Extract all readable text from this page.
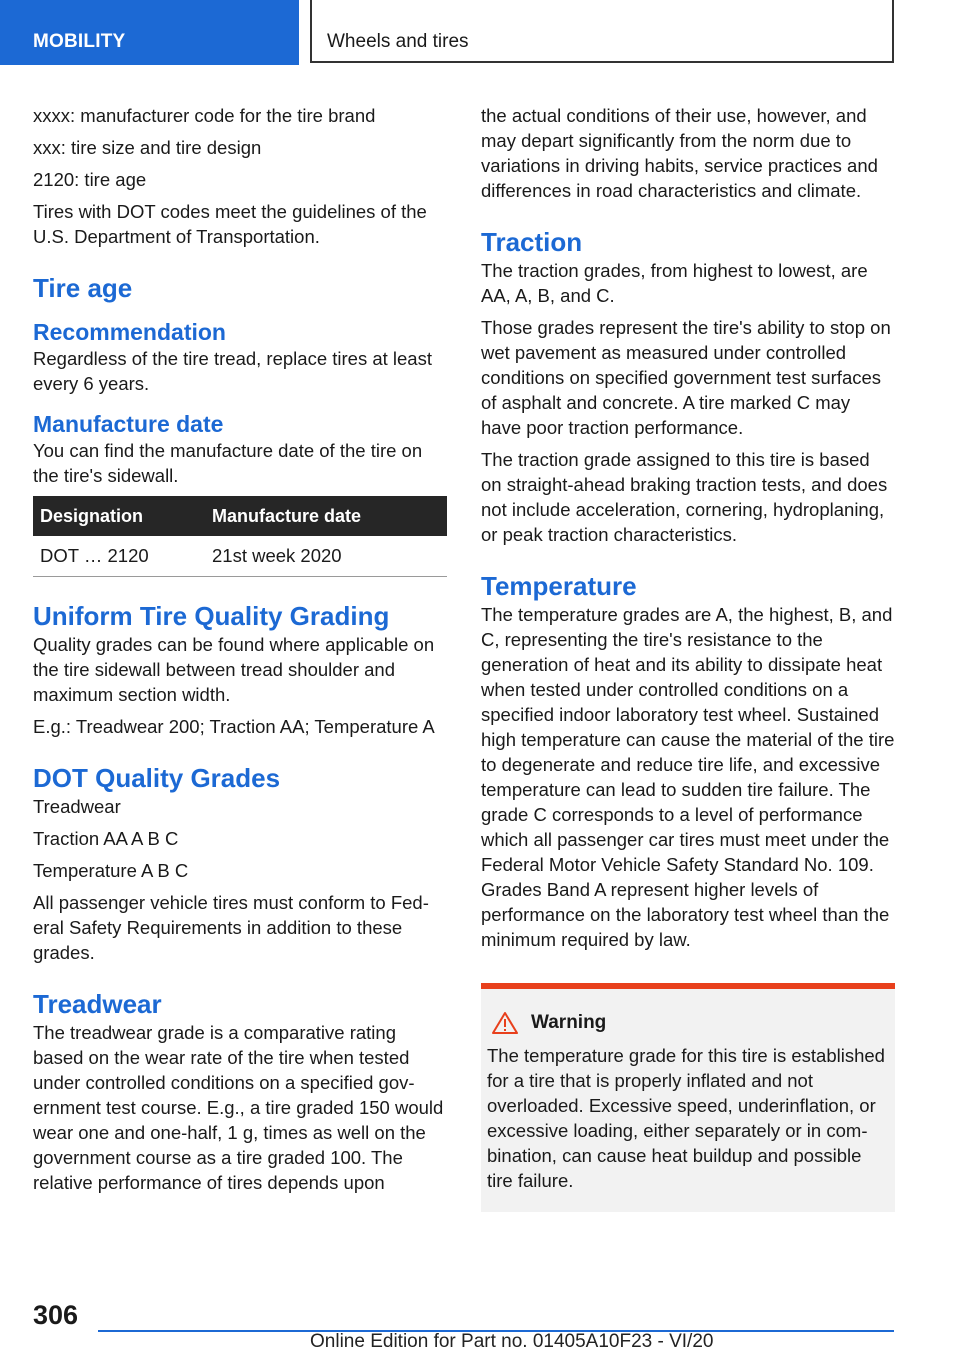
MOBILITY	Wheels and tires

xxxx: manufacturer code for the tire brand

xxx: tire size and tire design

2120: tire age

Tires with DOT codes meet the guidelines of the U.S. Department of Transportation.

Tire age
Recommendation

Regardless of the tire tread, replace tires at least every 6 years.

Manufacture date

You can find the manufacture date of the tire on the tire's sidewall.

Designation	Manufacture date
DOT … 2120	21st week 2020
Uniform Tire Quality Grading

Quality grades can be found where applicable on the tire sidewall between tread shoulder and maximum section width.

E.g.: Treadwear 200; Traction AA; Temperature A

DOT Quality Grades

Treadwear

Traction AA A B C

Temperature A B C

All passenger vehicle tires must conform to Federal Safety Requirements in addition to these grades.

Treadwear

The treadwear grade is a comparative rating based on the wear rate of the tire when tested under controlled conditions on a specified government test course. E.g., a tire graded 150 would wear one and one-half, 1 g, times as well on the government course as a tire graded 100. The relative performance of tires depends upon

the actual conditions of their use, however, and may depart significantly from the norm due to variations in driving habits, service practices and differences in road characteristics and climate.

Traction

The traction grades, from highest to lowest, are AA, A, B, and C.

Those grades represent the tire's ability to stop on wet pavement as measured under controlled conditions on specified government test surfaces of asphalt and concrete. A tire marked C may have poor traction performance.

The traction grade assigned to this tire is based on straight-ahead braking traction tests, and does not include acceleration, cornering, hydroplaning, or peak traction characteristics.

Temperature

The temperature grades are A, the highest, B, and C, representing the tire's resistance to the generation of heat and its ability to dissipate heat when tested under controlled conditions on a specified indoor laboratory test wheel. Sustained high temperature can cause the material of the tire to degenerate and reduce tire life, and excessive temperature can lead to sudden tire failure. The grade C corresponds to a level of performance which all passenger car tires must meet under the Federal Motor Vehicle Safety Standard No. 109. Grades Band A represent higher levels of performance on the laboratory test wheel than the minimum required by law.

Warning

The temperature grade for this tire is established for a tire that is properly inflated and not overloaded. Excessive speed, underinflation, or excessive loading, either separately or in combination, can cause heat buildup and possible tire failure.

306
Online Edition for Part no. 01405A10F23 - VI/20
